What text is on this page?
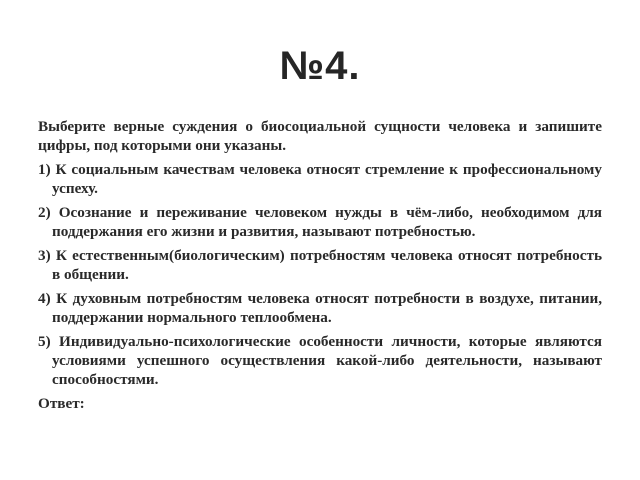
№4.

Выберите верные суждения о биосоциальной сущности человека и запишите цифры, под которыми они указаны.

1) К социальным качествам человека относят стремление к профессиональному успеху.

2) Осознание и переживание человеком нужды в чём-либо, необходимом для поддержания его жизни и развития, называют потребностью.

3) К естественным(биологическим) потребностям человека относят потребность в общении.

4) К духовным потребностям человека относят потребности в воздухе, питании, поддержании нормального теплообмена.

5) Индивидуально-психологические особенности личности, которые являются условиями успешного осуществления какой-либо деятельности, называют способностями.

Ответ:
